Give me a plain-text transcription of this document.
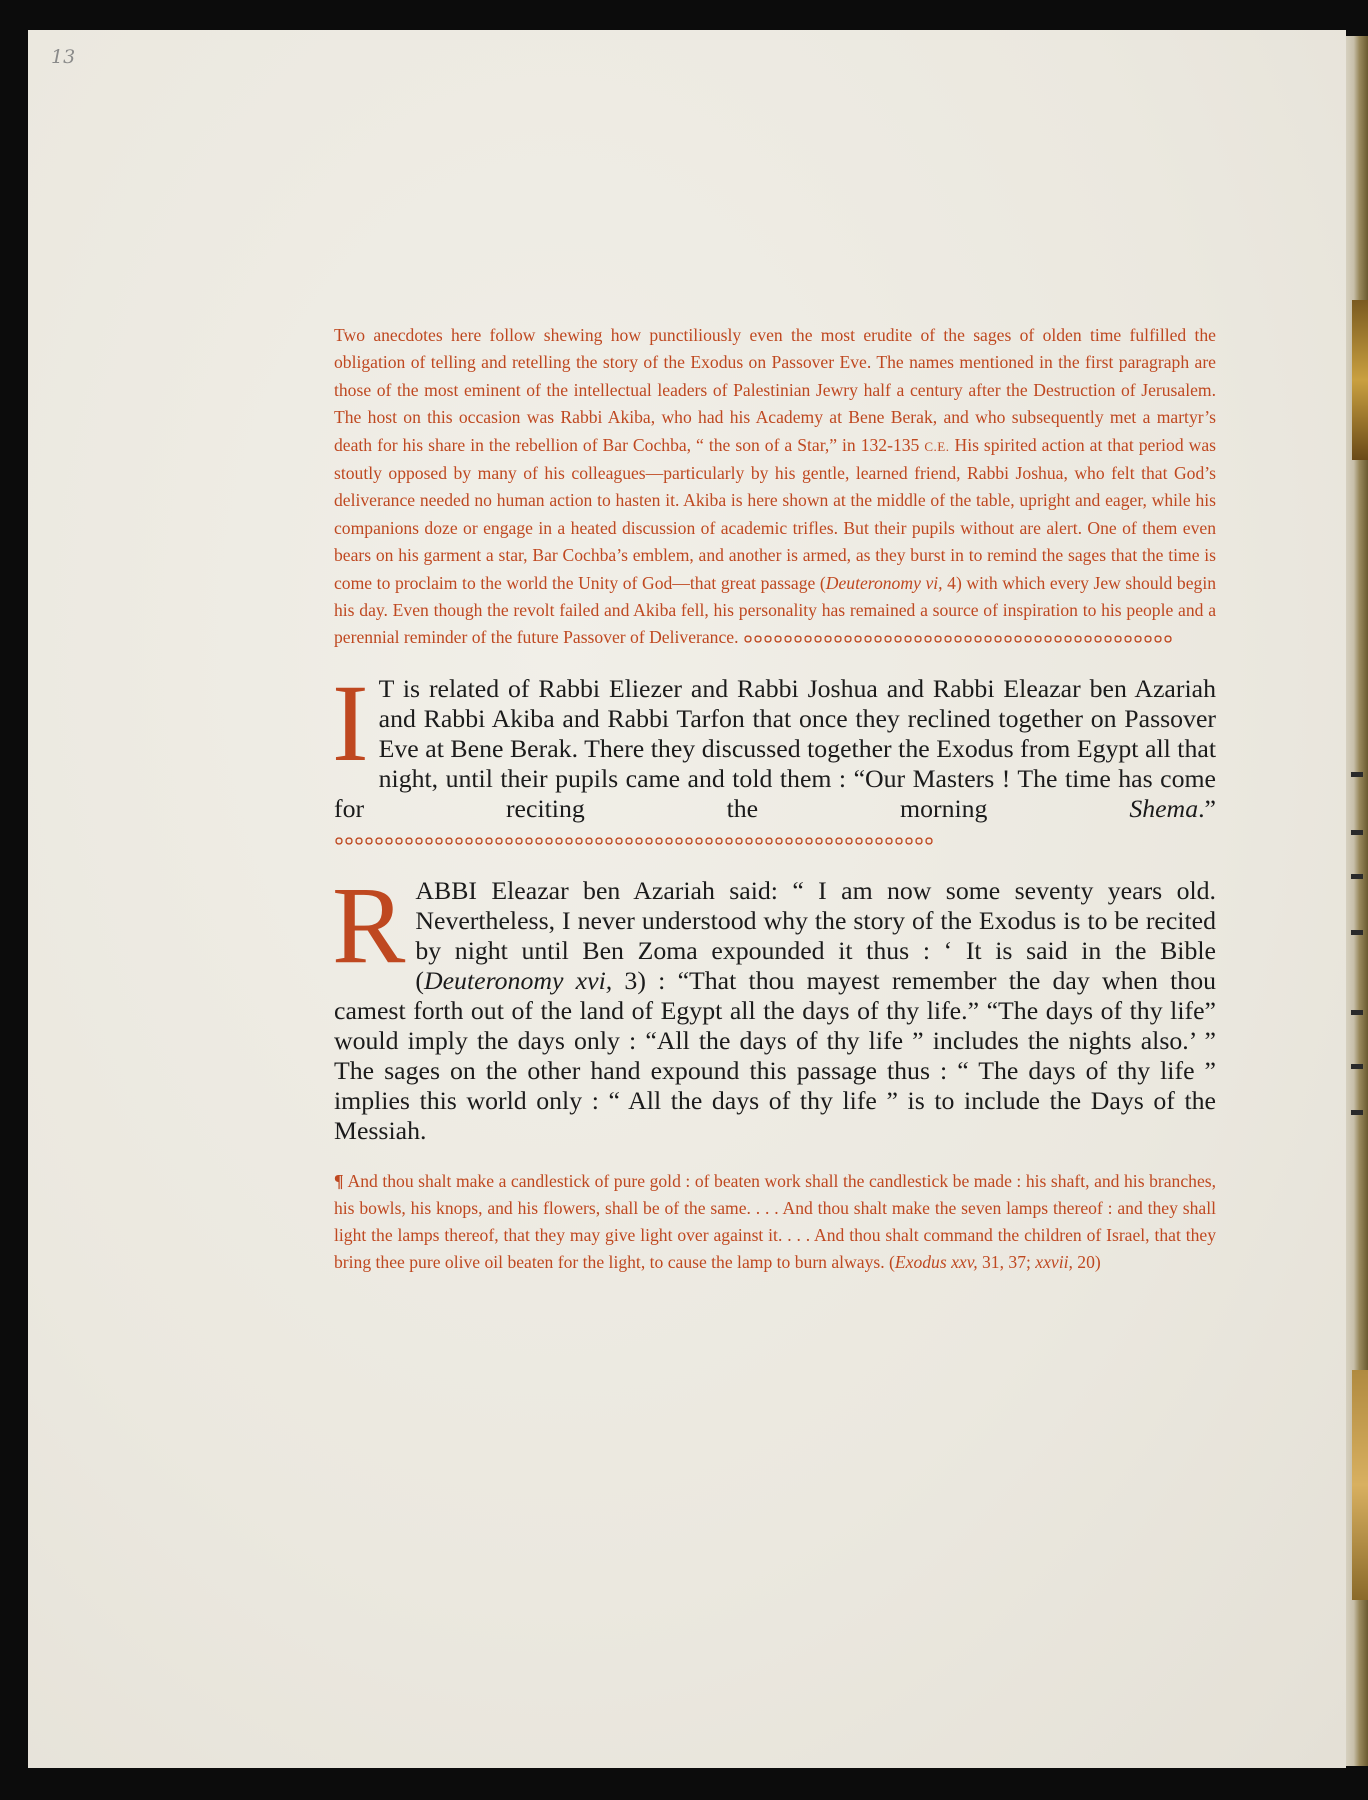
13

Two anecdotes here follow shewing how punctiliously even the most erudite of the sages of olden time fulfilled the obligation of telling and retelling the story of the Exodus on Passover Eve. The names mentioned in the first paragraph are those of the most eminent of the intellectual leaders of Palestinian Jewry half a century after the Destruction of Jerusalem. The host on this occasion was Rabbi Akiba, who had his Academy at Bene Berak, and who subsequently met a martyr’s death for his share in the rebellion of Bar Cochba, “ the son of a Star,” in 132-135 C.E. His spirited action at that period was stoutly opposed by many of his colleagues—particularly by his gentle, learned friend, Rabbi Joshua, who felt that God’s deliverance needed no human action to hasten it. Akiba is here shown at the middle of the table, upright and eager, while his companions doze or engage in a heated discussion of academic trifles. But their pupils without are alert. One of them even bears on his garment a star, Bar Cochba’s emblem, and another is armed, as they burst in to remind the sages that the time is come to proclaim to the world the Unity of God—that great passage (Deuteronomy vi, 4) with which every Jew should begin his day. Even though the revolt failed and Akiba fell, his personality has remained a source of inspiration to his people and a perennial reminder of the future Passover of Deliverance.

I T is related of Rabbi Eliezer and Rabbi Joshua and Rabbi Eleazar ben Azariah and Rabbi Akiba and Rabbi Tarfon that once they reclined together on Passover Eve at Bene Berak. There they discussed together the Exodus from Egypt all that night, until their pupils came and told them : “Our Masters ! The time has come for reciting the morning Shema.”

RABBI Eleazar ben Azariah said: “ I am now some seventy years old. Nevertheless, I never understood why the story of the Exodus is to be recited by night until Ben Zoma expounded it thus : ‘ It is said in the Bible (Deuteronomy xvi, 3) : “That thou mayest remember the day when thou camest forth out of the land of Egypt all the days of thy life.” “The days of thy life” would imply the days only : “All the days of thy life ” includes the nights also.’ ” The sages on the other hand expound this passage thus : “ The days of thy life ” implies this world only : “ All the days of thy life ” is to include the Days of the Messiah.

¶ And thou shalt make a candlestick of pure gold : of beaten work shall the candlestick be made : his shaft, and his branches, his bowls, his knops, and his flowers, shall be of the same. . . . And thou shalt make the seven lamps thereof : and they shall light the lamps thereof, that they may give light over against it. . . . And thou shalt command the children of Israel, that they bring thee pure olive oil beaten for the light, to cause the lamp to burn always. (Exodus xxv, 31, 37; xxvii, 20)
